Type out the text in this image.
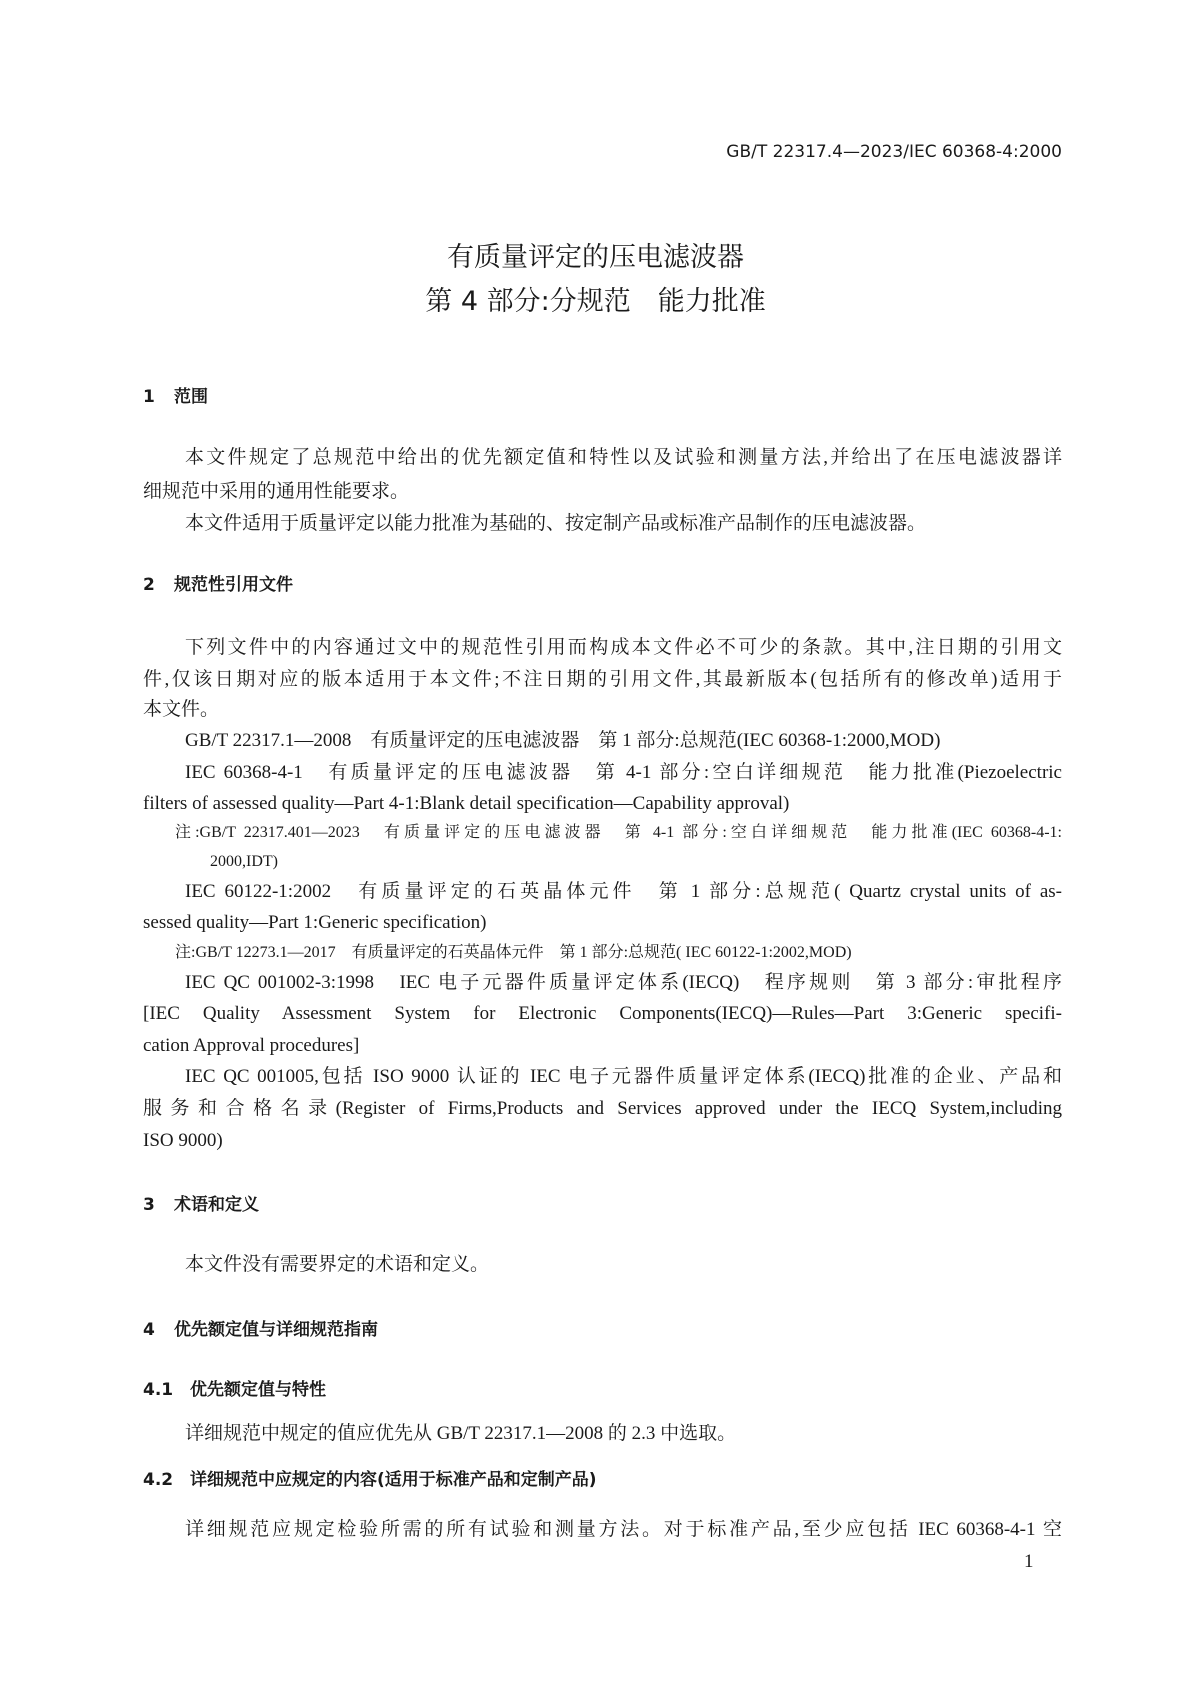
GB/T 22317.4—2023/IEC 60368-4:2000
有质量评定的压电滤波器
第 4 部分:分规范　能力批准
1 范围
本文件规定了总规范中给出的优先额定值和特性以及试验和测量方法,并给出了在压电滤波器详
细规范中采用的通用性能要求。
本文件适用于质量评定以能力批准为基础的、按定制产品或标准产品制作的压电滤波器。
2 规范性引用文件
下列文件中的内容通过文中的规范性引用而构成本文件必不可少的条款。其中,注日期的引用文
件,仅该日期对应的版本适用于本文件;不注日期的引用文件,其最新版本(包括所有的修改单)适用于
本文件。
GB/T 22317.1—2008　有质量评定的压电滤波器　第 1 部分:总规范(IEC 60368-1:2000,MOD)
IEC 60368-4-1　有质量评定的压电滤波器　第 4-1 部分:空白详细规范　能力批准(Piezoelectric
filters of assessed quality—Part 4-1:Blank detail specification—Capability approval)
注:GB/T 22317.401—2023　有质量评定的压电滤波器　第 4-1 部分:空白详细规范　能力批准(IEC 60368-4-1:
2000,IDT)
IEC 60122-1:2002　有质量评定的石英晶体元件　第 1 部分:总规范( Quartz crystal units of as-
sessed quality—Part 1:Generic specification)
注:GB/T 12273.1—2017　有质量评定的石英晶体元件　第 1 部分:总规范( IEC 60122-1:2002,MOD)
IEC QC 001002-3:1998　IEC 电子元器件质量评定体系(IECQ)　程序规则　第 3 部分:审批程序
[IEC Quality Assessment System for Electronic Components(IECQ)—Rules—Part 3:Generic specifi-
cation Approval procedures]
IEC QC 001005,包括 ISO 9000 认证的 IEC 电子元器件质量评定体系(IECQ)批准的企业、产品和
服务和合格名录(Register of Firms,Products and Services approved under the IECQ System,including
ISO 9000)
3 术语和定义
本文件没有需要界定的术语和定义。
4 优先额定值与详细规范指南
4.1 优先额定值与特性
详细规范中规定的值应优先从 GB/T 22317.1—2008 的 2.3 中选取。
4.2 详细规范中应规定的内容(适用于标准产品和定制产品)
详细规范应规定检验所需的所有试验和测量方法。对于标准产品,至少应包括 IEC 60368-4-1 空
1
